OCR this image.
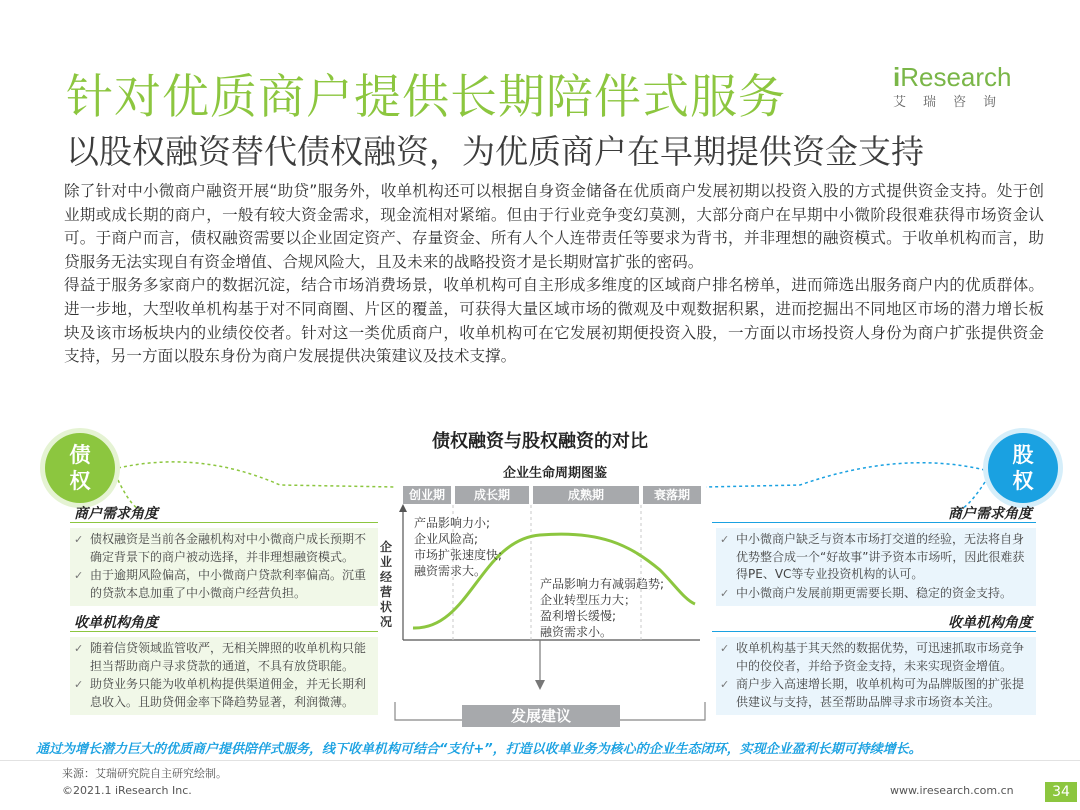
针对优质商户提供长期陪伴式服务
以股权融资替代债权融资，为优质商户在早期提供资金支持
iResearch
艾瑞咨询

除了针对中小微商户融资开展“助贷”服务外，收单机构还可以根据自身资金储备在优质商户发展初期以投资入股的方式提供资金支持。处于创业期或成长期的商户，一般有较大资金需求，现金流相对紧缩。但由于行业竞争变幻莫测，大部分商户在早期中小微阶段很难获得市场资金认可。于商户而言，债权融资需要以企业固定资产、存量资金、所有人个人连带责任等要求为背书，并非理想的融资模式。于收单机构而言，助贷服务无法实现自有资金增值、合规风险大，且及未来的战略投资才是长期财富扩张的密码。

得益于服务多家商户的数据沉淀，结合市场消费场景，收单机构可自主形成多维度的区域商户排名榜单，进而筛选出服务商户内的优质群体。进一步地，大型收单机构基于对不同商圈、片区的覆盖，可获得大量区域市场的微观及中观数据积累，进而挖掘出不同地区市场的潜力增长板块及该市场板块内的业绩佼佼者。针对这一类优质商户，收单机构可在它发展初期便投资入股，一方面以市场投资人身份为商户扩张提供资金支持，另一方面以股东身份为商户发展提供决策建议及技术支撑。

债权融资与股权融资的对比
债权
股权
商户需求角度
✓ 债权融资是当前各金融机构对中小微商户成长预期不确定背景下的商户被动选择，并非理想融资模式。
✓ 由于逾期风险偏高，中小微商户贷款利率偏高。沉重的贷款本息加重了中小微商户经营负担。
收单机构角度
✓ 随着信贷领域监管收严，无相关牌照的收单机构只能担当帮助商户寻求贷款的通道，不具有放贷职能。
✓ 助贷业务只能为收单机构提供渠道佣金，并无长期利息收入。且助贷佣金率下降趋势显著，利润微薄。
企业生命周期图鉴
创业期	成长期	成熟期	衰落期
企业经营状况
产品影响力小;
企业风险高;
市场扩张速度快;
融资需求大。
产品影响力有减弱趋势;
企业转型压力大；
盈利增长缓慢;
融资需求小。
发展建议
商户需求角度
✓ 中小微商户缺乏与资本市场打交道的经验，无法将自身优势整合成一个“好故事”讲予资本市场听，因此很难获得PE、VC等专业投资机构的认可。
✓ 中小微商户发展前期更需要长期、稳定的资金支持。
收单机构角度
✓ 收单机构基于其天然的数据优势，可迅速抓取市场竞争中的佼佼者，并给予资金支持，未来实现资金增值。
✓ 商户步入高速增长期，收单机构可为品牌版图的扩张提供建议与支持，甚至帮助品牌寻求市场资本关注。
通过为增长潜力巨大的优质商户提供陪伴式服务，线下收单机构可结合“支付+”，打造以收单业务为核心的企业生态闭环，实现企业盈利长期可持续增长。
来源：艾瑞研究院自主研究绘制。
©2021.1 iResearch Inc.	www.iresearch.com.cn	34
